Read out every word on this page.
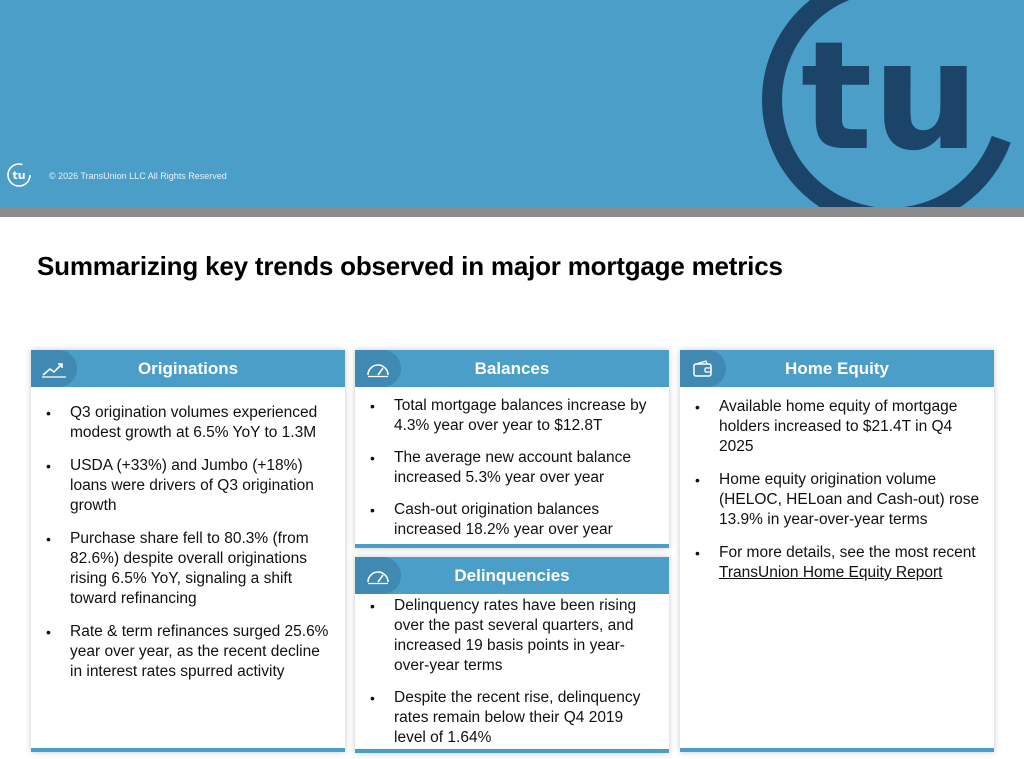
tu
tu	© 2026 TransUnion LLC All Rights Reserved
Summarizing key trends observed in major mortgage metrics
Originations
• Q3 origination volumes experienced modest growth at 6.5% YoY to 1.3M
• USDA (+33%) and Jumbo (+18%) loans were drivers of Q3 origination growth
• Purchase share fell to 80.3% (from 82.6%) despite overall originations rising 6.5% YoY, signaling a shift toward refinancing
• Rate & term refinances surged 25.6% year over year, as the recent decline in interest rates spurred activity
Balances
• Total mortgage balances increase by 4.3% year over year to $12.8T
• The average new account balance increased 5.3% year over year
• Cash-out origination balances increased 18.2% year over year
Delinquencies
• Delinquency rates have been rising over the past several quarters, and increased 19 basis points in year-over-year terms
• Despite the recent rise, delinquency rates remain below their Q4 2019 level of 1.64%
Home Equity
• Available home equity of mortgage holders increased to $21.4T in Q4 2025
• Home equity origination volume (HELOC, HELoan and Cash-out) rose 13.9% in year-over-year terms
• For more details, see the most recent TransUnion Home Equity Report
